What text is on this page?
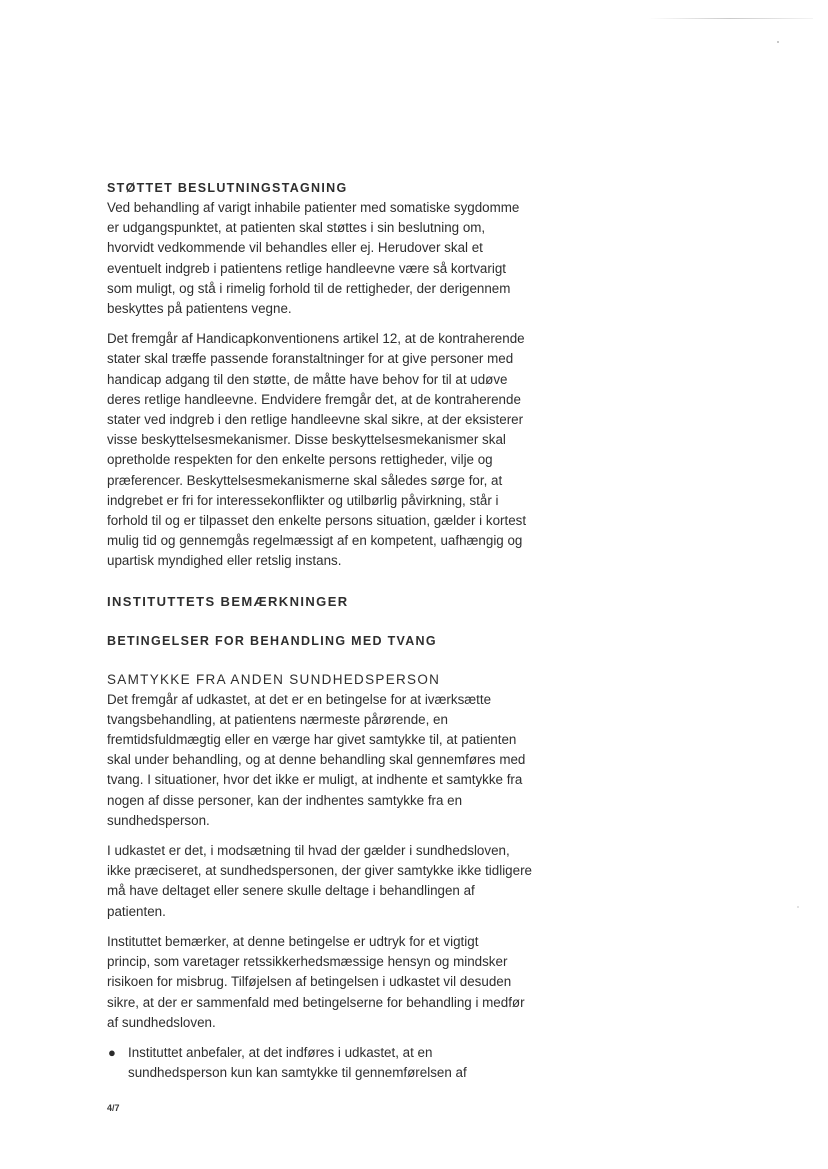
STØTTET BESLUTNINGSTAGNING

Ved behandling af varigt inhabile patienter med somatiske sygdomme
er udgangspunktet, at patienten skal støttes i sin beslutning om,
hvorvidt vedkommende vil behandles eller ej. Herudover skal et
eventuelt indgreb i patientens retlige handleevne være så kortvarigt
som muligt, og stå i rimelig forhold til de rettigheder, der derigennem
beskyttes på patientens vegne.

Det fremgår af Handicapkonventionens artikel 12, at de kontraherende
stater skal træffe passende foranstaltninger for at give personer med
handicap adgang til den støtte, de måtte have behov for til at udøve
deres retlige handleevne. Endvidere fremgår det, at de kontraherende
stater ved indgreb i den retlige handleevne skal sikre, at der eksisterer
visse beskyttelsesmekanismer. Disse beskyttelsesmekanismer skal
opretholde respekten for den enkelte persons rettigheder, vilje og
præferencer. Beskyttelsesmekanismerne skal således sørge for, at
indgrebet er fri for interessekonflikter og utilbørlig påvirkning, står i
forhold til og er tilpasset den enkelte persons situation, gælder i kortest
mulig tid og gennemgås regelmæssigt af en kompetent, uafhængig og
upartisk myndighed eller retslig instans.

INSTITUTTETS BEMÆRKNINGER
BETINGELSER FOR BEHANDLING MED TVANG
SAMTYKKE FRA ANDEN SUNDHEDSPERSON

Det fremgår af udkastet, at det er en betingelse for at iværksætte
tvangsbehandling, at patientens nærmeste pårørende, en
fremtidsfuldmægtig eller en værge har givet samtykke til, at patienten
skal under behandling, og at denne behandling skal gennemføres med
tvang. I situationer, hvor det ikke er muligt, at indhente et samtykke fra
nogen af disse personer, kan der indhentes samtykke fra en
sundhedsperson.

I udkastet er det, i modsætning til hvad der gælder i sundhedsloven,
ikke præciseret, at sundhedspersonen, der giver samtykke ikke tidligere
må have deltaget eller senere skulle deltage i behandlingen af
patienten.

Instituttet bemærker, at denne betingelse er udtryk for et vigtigt
princip, som varetager retssikkerhedsmæssige hensyn og mindsker
risikoen for misbrug. Tilføjelsen af betingelsen i udkastet vil desuden
sikre, at der er sammenfald med betingelserne for behandling i medfør
af sundhedsloven.

● Instituttet anbefaler, at det indføres i udkastet, at en
sundhedsperson kun kan samtykke til gennemførelsen af

4/7
